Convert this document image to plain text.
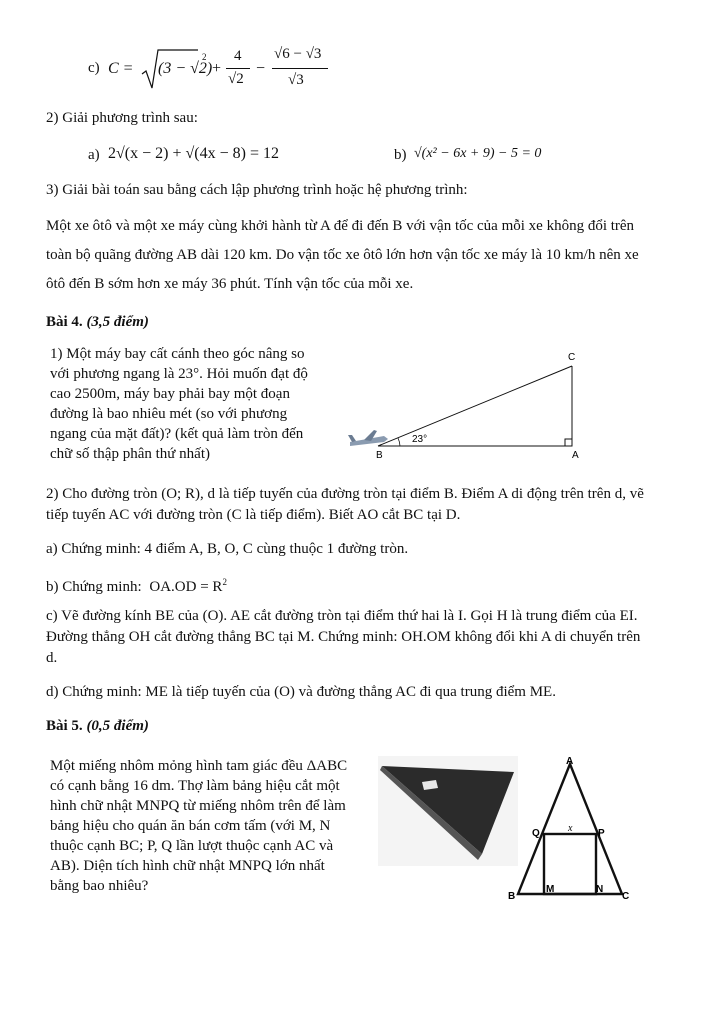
c) C = (3 − √2)
2
+
4
√2
−
√6 − √3
√3
2) Giải phương trình sau:
a) 2√(x − 2) + √(4x − 8) = 12	b) √(x² − 6x + 9) − 5 = 0
3) Giải bài toán sau bằng cách lập phương trình hoặc hệ phương trình:
Một xe ôtô và một xe máy cùng khởi hành từ A để đi đến B với vận tốc của mỗi xe không đổi trên
toàn bộ quãng đường AB dài 120 km. Do vận tốc xe ôtô lớn hơn vận tốc xe máy là 10 km/h nên xe
ôtô đến B sớm hơn xe máy 36 phút. Tính vận tốc của mỗi xe.
Bài 4. (3,5 điểm)
1) Một máy bay cất cánh theo góc nâng so
với phương ngang là 23°. Hỏi muốn đạt độ
cao 2500m, máy bay phải bay một đoạn
đường là bao nhiêu mét (so với phương
ngang của mặt đất)? (kết quả làm tròn đến
chữ số thập phân thứ nhất)
C
A
B
23°
2) Cho đường tròn (O; R), d là tiếp tuyến của đường tròn tại điểm B. Điểm A di động trên trên d, vẽ
tiếp tuyến AC với đường tròn (C là tiếp điểm). Biết AO cắt BC tại D.
a) Chứng minh: 4 điểm A, B, O, C cùng thuộc 1 đường tròn.
b) Chứng minh: $OA.OD = R^2$
c) Vẽ đường kính BE của (O). AE cắt đường tròn tại điểm thứ hai là I. Gọi H là trung điểm của EI.
Đường thẳng OH cắt đường thẳng BC tại M. Chứng minh: OH.OM không đổi khi A di chuyển trên
d.
d) Chứng minh: ME là tiếp tuyến của (O) và đường thẳng AC đi qua trung điểm ME.
Bài 5. (0,5 điểm)
Một miếng nhôm mỏng hình tam giác đều ΔABC
có cạnh bằng 16 dm. Thợ làm bảng hiệu cắt một
hình chữ nhật MNPQ từ miếng nhôm trên để làm
bảng hiệu cho quán ăn bán cơm tấm (với M, N
thuộc cạnh BC; P, Q lần lượt thuộc cạnh AC và
AB). Diện tích hình chữ nhật MNPQ lớn nhất
bằng bao nhiêu?
A
B	C
M	N
P
Q	x
